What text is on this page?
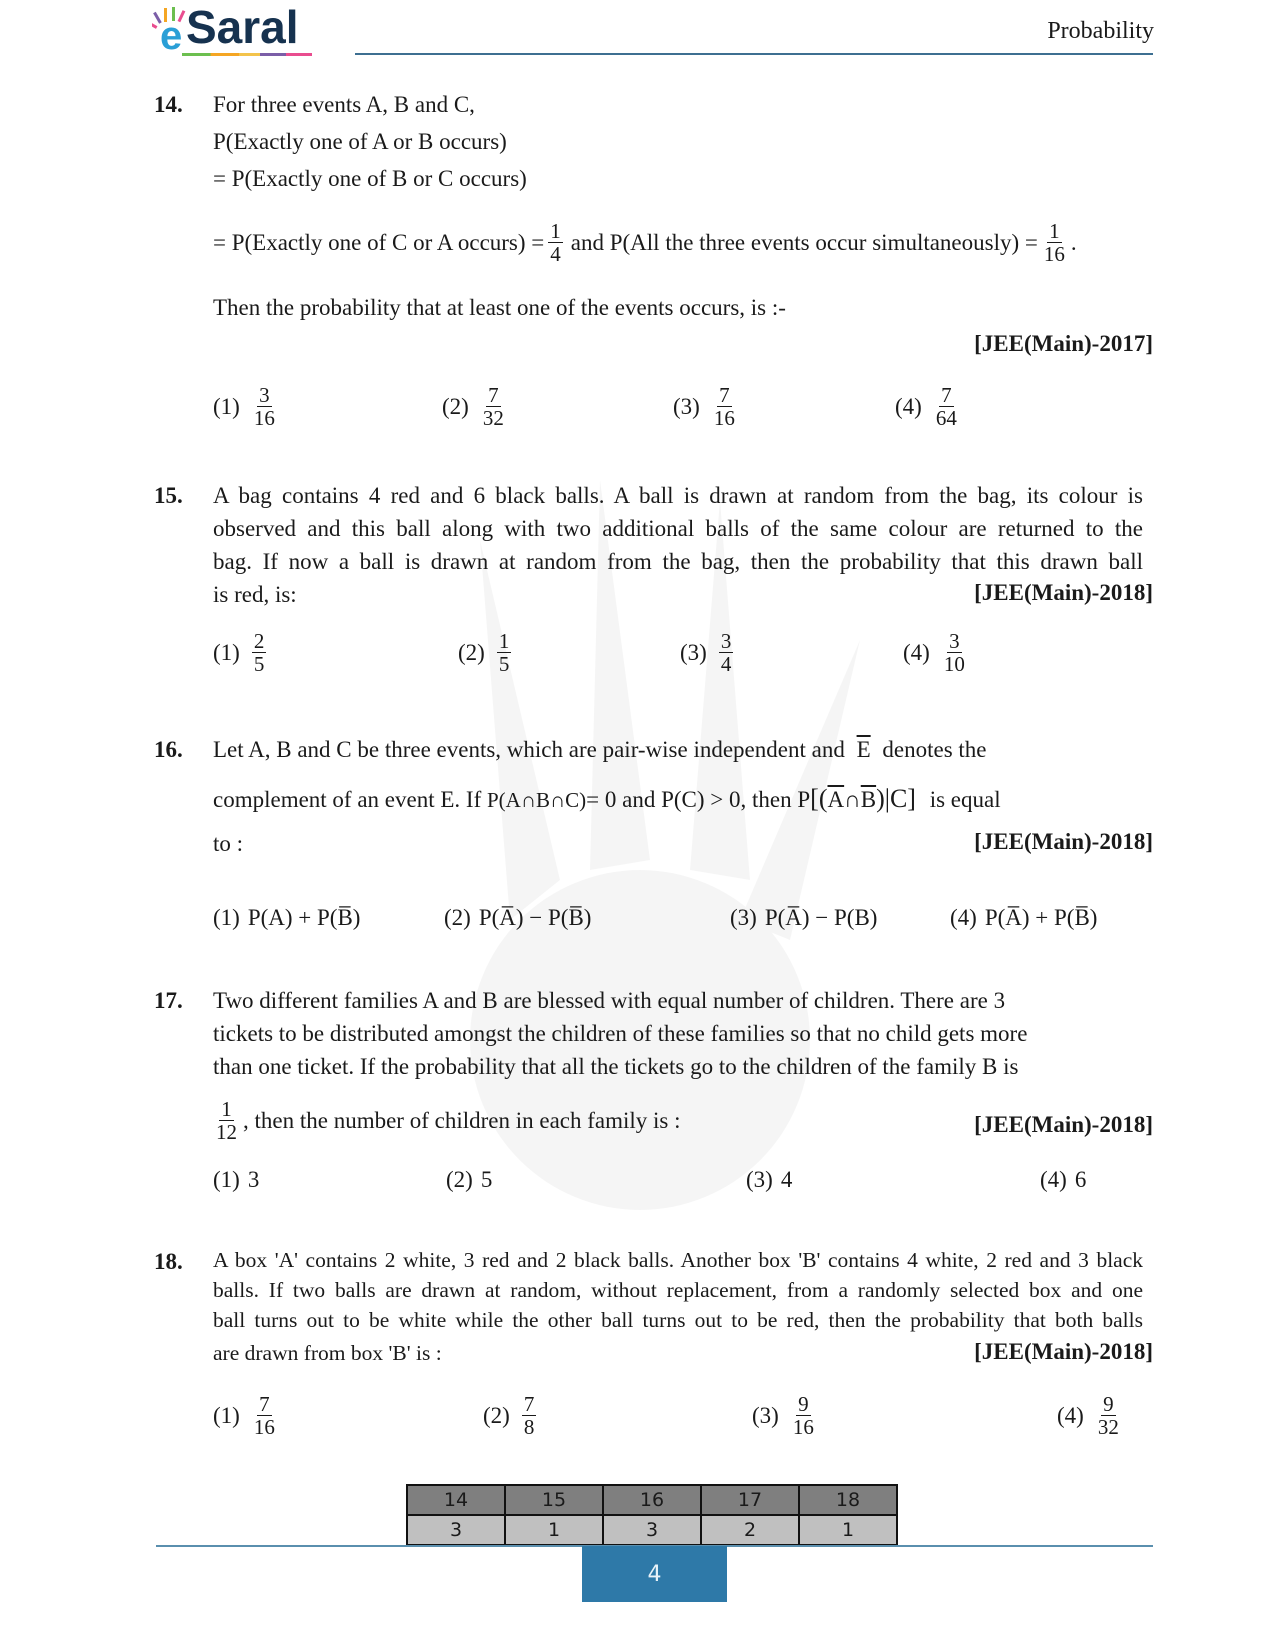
e Saral	Probability
14. For three events A, B and C,
P(Exactly one of A or B occurs)
= P(Exactly one of B or C occurs)
= P(Exactly one of C or A occurs) = $\frac{1}{4}$ and P(All the three events occur simultaneously) = $\frac{1}{16}$ .
Then the probability that at least one of the events occurs, is :-
[JEE(Main)-2017]
$(1) \frac{3}{16}$	$(2) \frac{7}{32}$	$(3) \frac{7}{16}$	$(4) \frac{7}{64}$
15. A bag contains 4 red and 6 black balls. A ball is drawn at random from the bag, its colour is
observed and this ball along with two additional balls of the same colour are returned to the
bag. If now a ball is drawn at random from the bag, then the probability that this drawn ball
is red, is:	[JEE(Main)-2018]
$(1) \frac{2}{5}$	$(2) \frac{1}{5}$	$(3) \frac{3}{4}$	$(4) \frac{3}{10}$
16. Let A, B and C be three events, which are pair-wise independent and $\overline{E}$ denotes the
complement of an event E. If P(A∩B∩C)= 0 and P(C) > 0, then $P[(\overline{A}\cap\overline{B})|C]$ is equal
to :	[JEE(Main)-2018]
(1) P(A) + P(B̅)	(2) P(A̅) − P(B̅)	(3) P(A̅) − P(B)	(4) P(A̅) + P(B̅)
17. Two different families A and B are blessed with equal number of children. There are 3
tickets to be distributed amongst the children of these families so that no child gets more
than one ticket. If the probability that all the tickets go to the children of the family B is
$\frac{1}{12}$ , then the number of children in each family is :	[JEE(Main)-2018]
(1) 3	(2) 5	(3) 4	(4) 6
18. A box 'A' contains 2 white, 3 red and 2 black balls. Another box 'B' contains 4 white, 2 red and 3 black
balls. If two balls are drawn at random, without replacement, from a randomly selected box and one
ball turns out to be white while the other ball turns out to be red, then the probability that both balls
are drawn from box 'B' is :	[JEE(Main)-2018]
$(1) \frac{7}{16}$	$(2) \frac{7}{8}$	$(3) \frac{9}{16}$	$(4) \frac{9}{32}$
14	15	16	17	18
3	1	3	2	1
4
